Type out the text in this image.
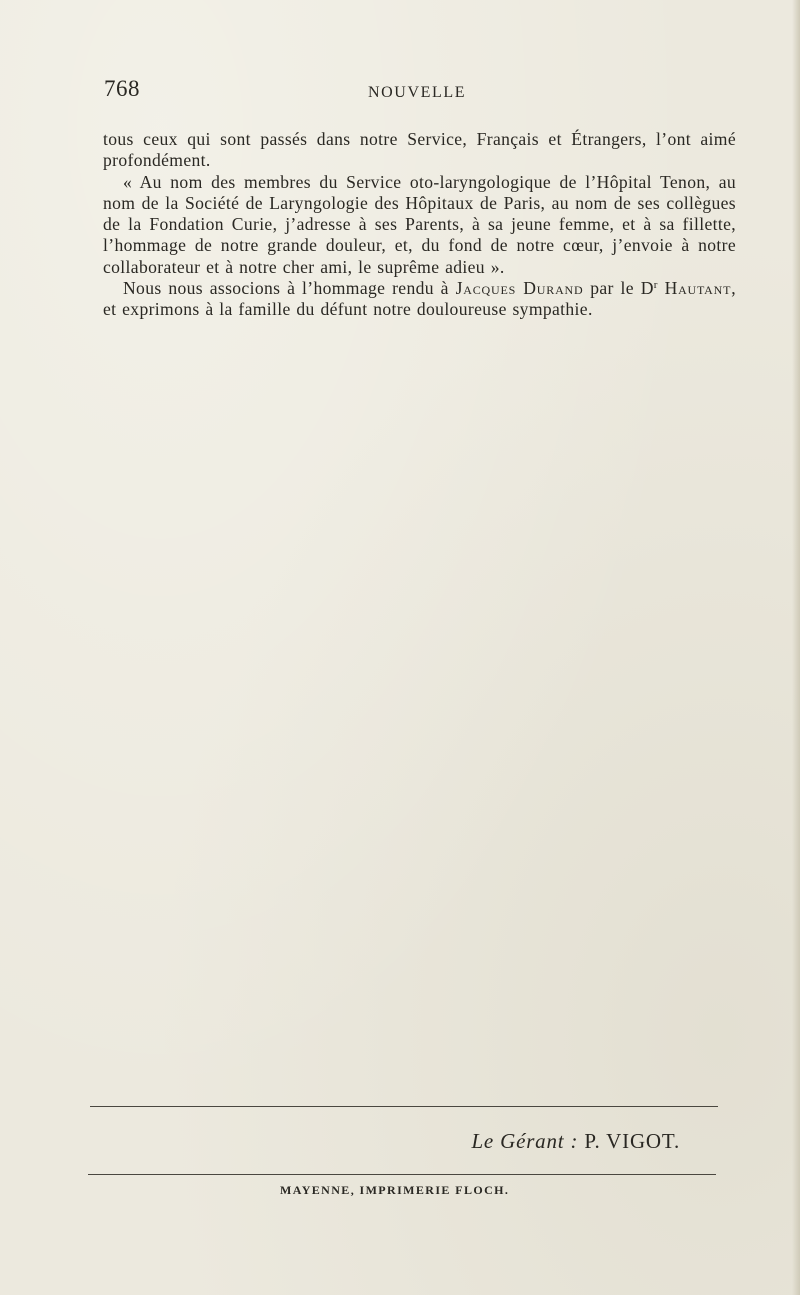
768	NOUVELLE

tous ceux qui sont passés dans notre Service, Français et Étrangers, l’ont aimé profondément.

« Au nom des membres du Service oto-laryngologique de l’Hôpital Tenon, au nom de la Société de Laryngologie des Hôpitaux de Paris, au nom de ses collègues de la Fondation Curie, j’adresse à ses Parents, à sa jeune femme, et à sa fillette, l’hommage de notre grande douleur, et, du fond de notre cœur, j’envoie à notre collaborateur et à notre cher ami, le suprême adieu ».

Nous nous associons à l’hommage rendu à Jacques Durand par le $D^r$ Hautant, et exprimons à la famille du défunt notre douloureuse sympathie.

Le Gérant : P. VIGOT.
MAYENNE, IMPRIMERIE FLOCH.
